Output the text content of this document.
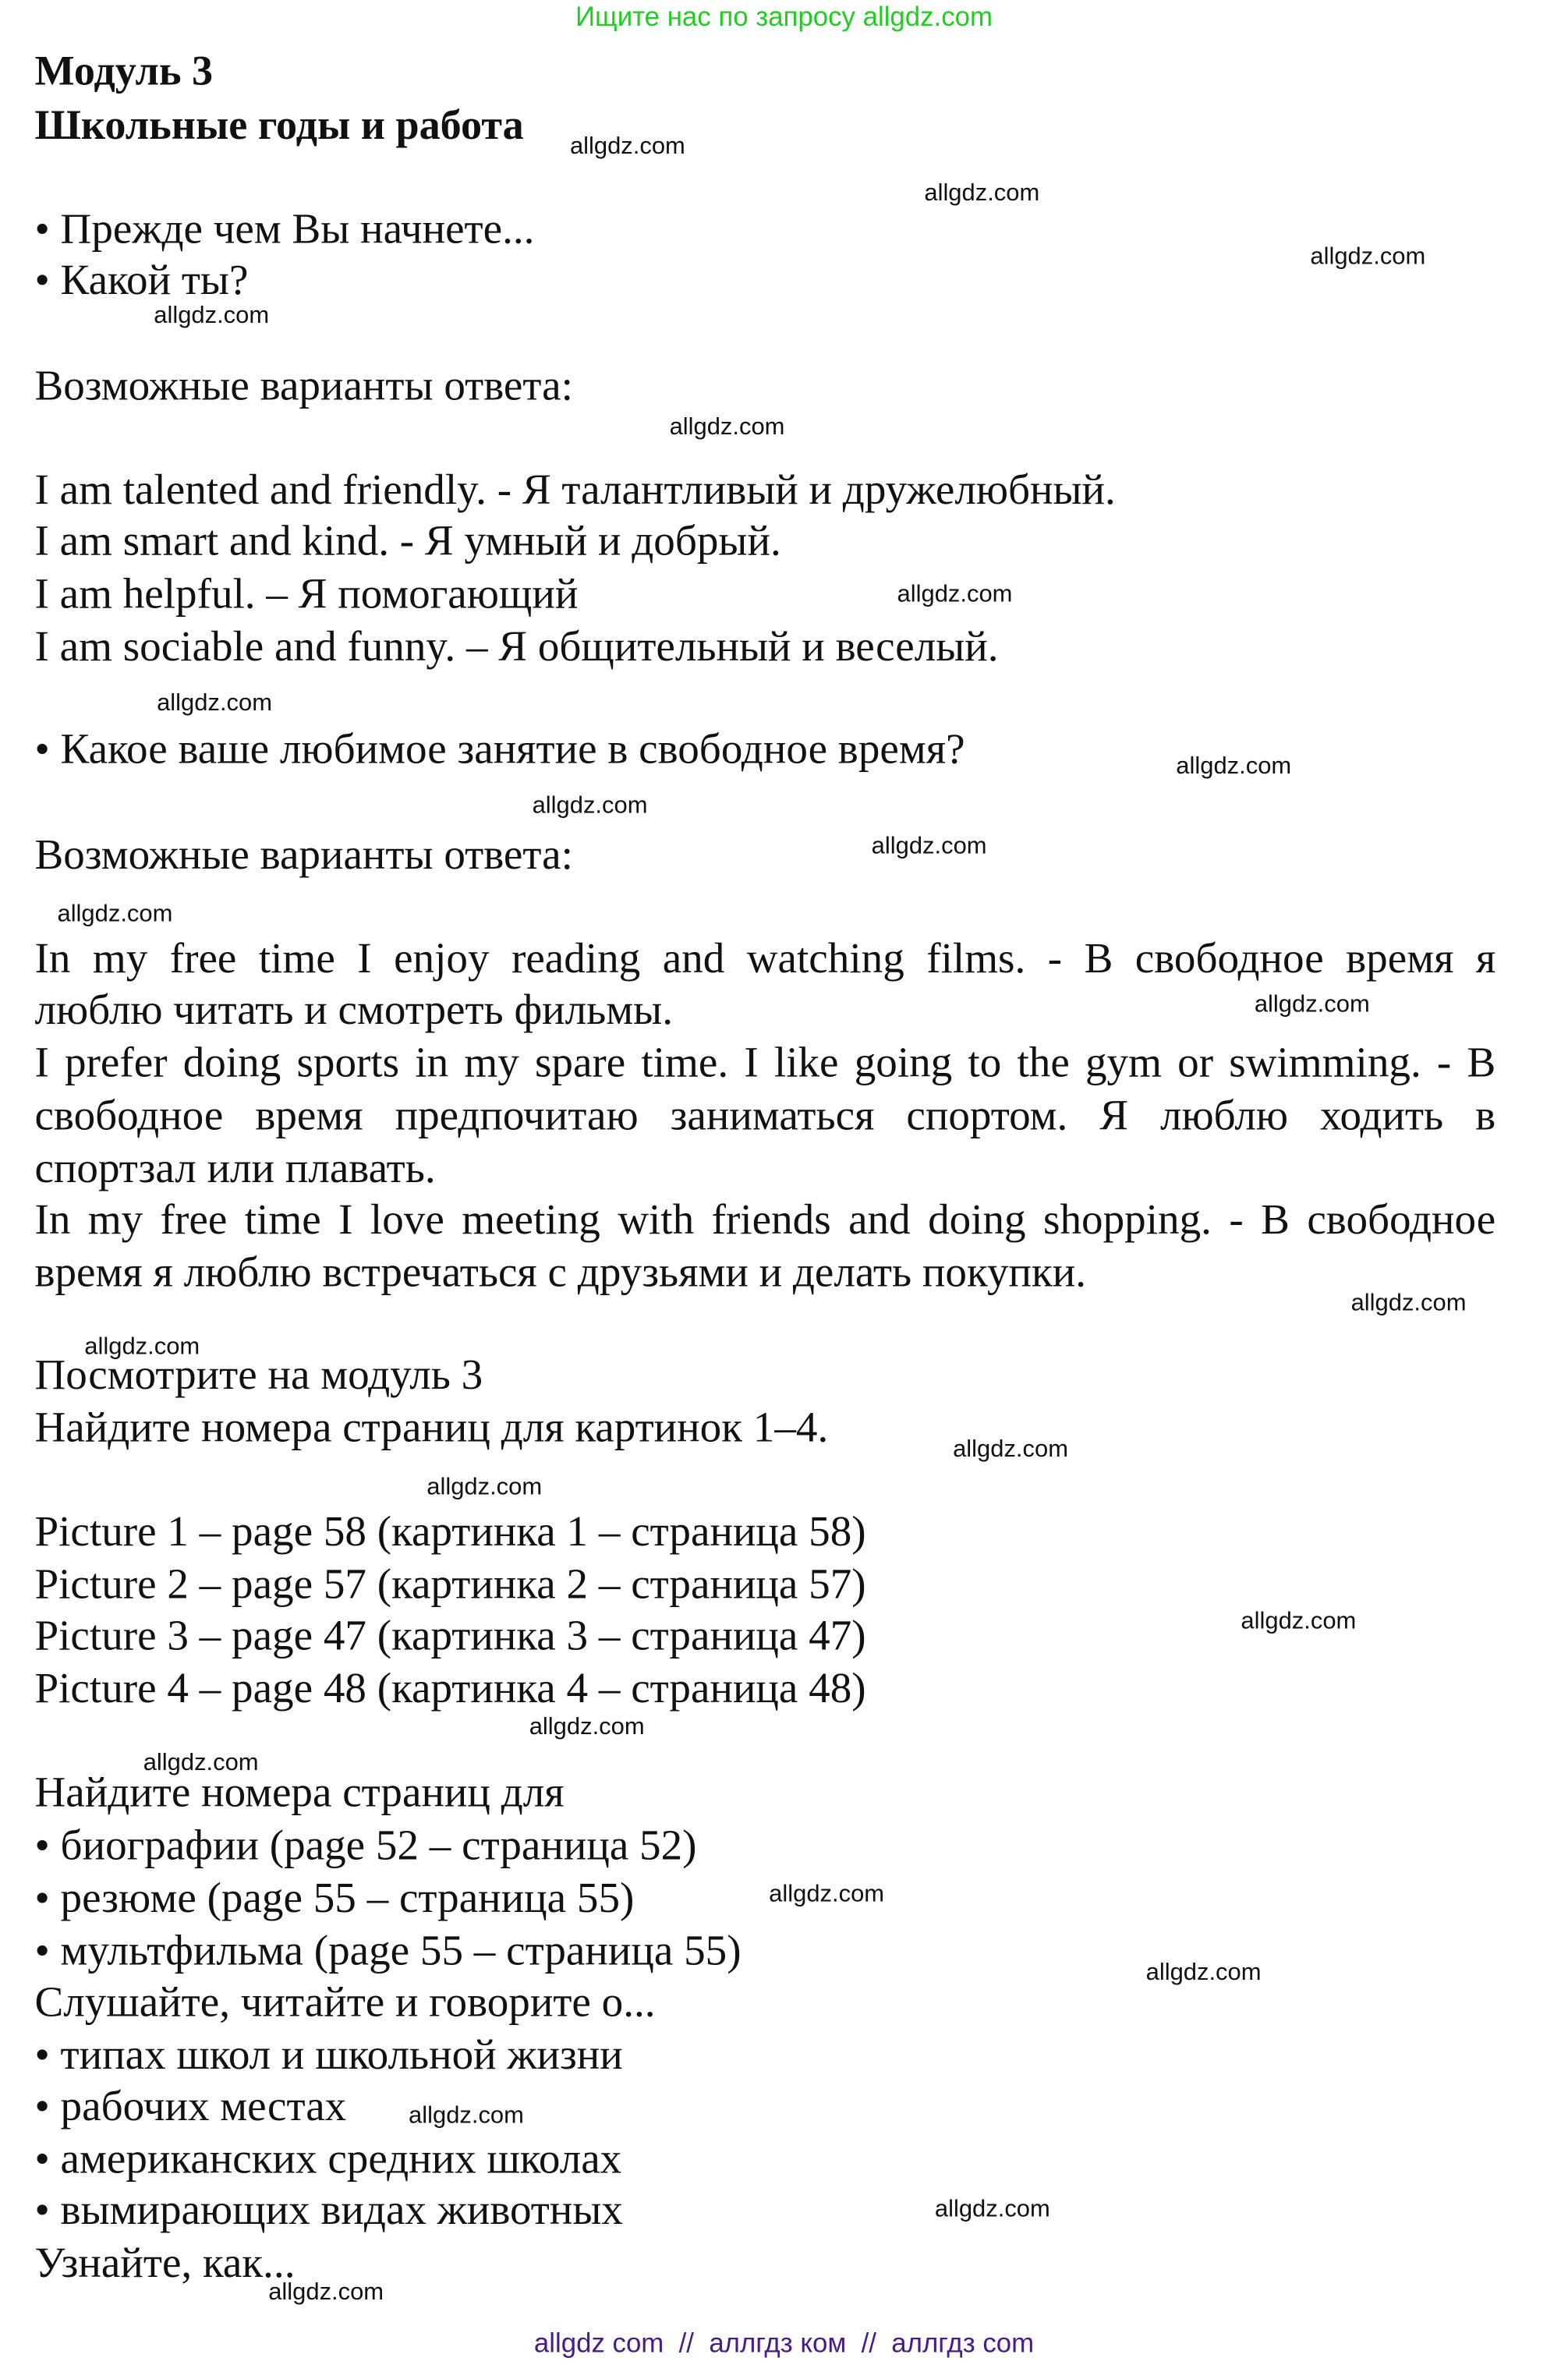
Ищите нас по запросу allgdz.com
Модуль 3
Школьные годы и работа
• Прежде чем Вы начнете...
• Какой ты?
Возможные варианты ответа:
I am talented and friendly. - Я талантливый и дружелюбный.
I am smart and kind. - Я умный и добрый.
I am helpful. – Я помогающий
I am sociable and funny. – Я общительный и веселый.
• Какое ваше любимое занятие в свободное время?
Возможные варианты ответа:
In my free time I enjoy reading and watching films. - В свободное время я
люблю читать и смотреть фильмы.
I prefer doing sports in my spare time. I like going to the gym or swimming. - В
свободное время предпочитаю заниматься спортом. Я люблю ходить в
спортзал или плавать.
In my free time I love meeting with friends and doing shopping. - В свободное
время я люблю встречаться с друзьями и делать покупки.
Посмотрите на модуль 3
Найдите номера страниц для картинок 1–4.
Picture 1 – page 58 (картинка 1 – страница 58)
Picture 2 – page 57 (картинка 2 – страница 57)
Picture 3 – page 47 (картинка 3 – страница 47)
Picture 4 – page 48 (картинка 4 – страница 48)
Найдите номера страниц для
• биографии (page 52 – страница 52)
• резюме (page 55 – страница 55)
• мультфильма (page 55 – страница 55)
Слушайте, читайте и говорите о...
• типах школ и школьной жизни
• рабочих местах
• американских средних школах
• вымирающих видах животных
Узнайте, как...
allgdz.com
allgdz.com
allgdz.com
allgdz.com
allgdz.com
allgdz.com
allgdz.com
allgdz.com
allgdz.com
allgdz.com
allgdz.com
allgdz.com
allgdz.com
allgdz.com
allgdz.com
allgdz.com
allgdz.com
allgdz.com
allgdz.com
allgdz.com
allgdz.com
allgdz.com
allgdz.com
allgdz.com
allgdz com  //  аллгдз ком  //  аллгдз com
